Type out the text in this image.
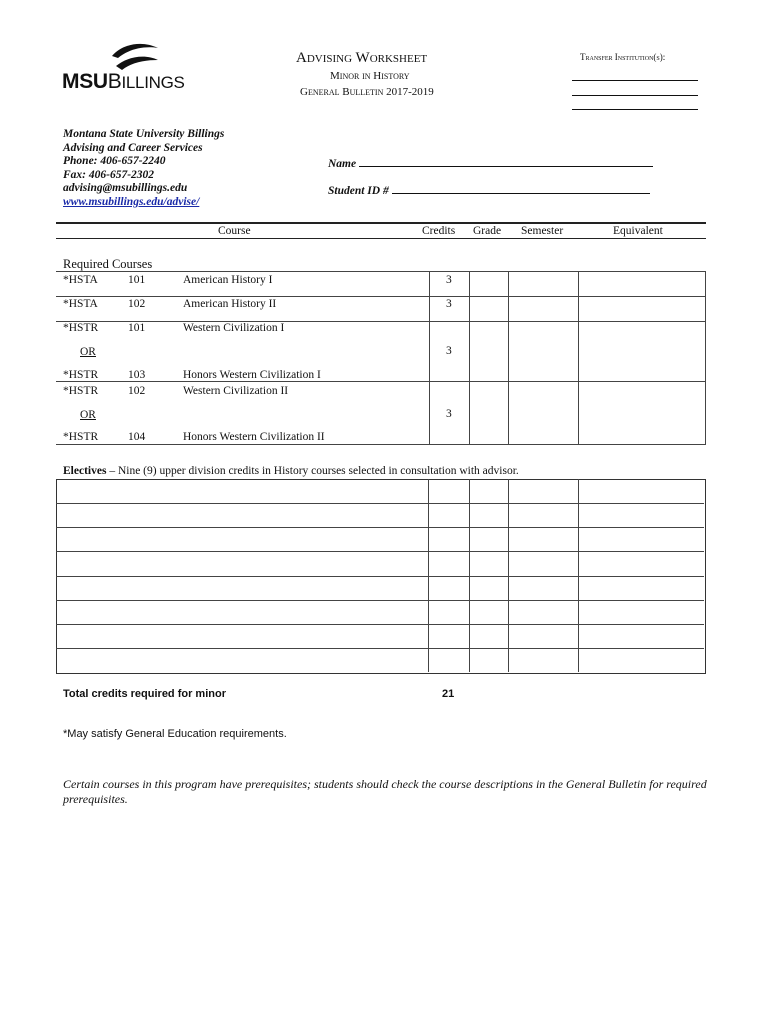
MSUBILLINGS
Advising Worksheet
Minor in History
General Bulletin 2017-2019
Transfer Institution(s):
Montana State University Billings
Advising and Career Services
Phone: 406-657-2240
Fax: 406-657-2302
advising@msubillings.edu
www.msubillings.edu/advise/
Name
Student ID #
Course	Credits Grade Semester	Equivalent
Required Courses
*HSTA	101	American History I	3
*HSTA	102	American History II	3
*HSTR	101	Western Civilization I
OR	3
*HSTR	103	Honors Western Civilization I
*HSTR	102	Western Civilization II
OR	3
*HSTR	104	Honors Western Civilization II
Electives – Nine (9) upper division credits in History courses selected in consultation with advisor.
Total credits required for minor	21
*May satisfy General Education requirements.
Certain courses in this program have prerequisites; students should check the course descriptions in the General Bulletin for required prerequisites.
